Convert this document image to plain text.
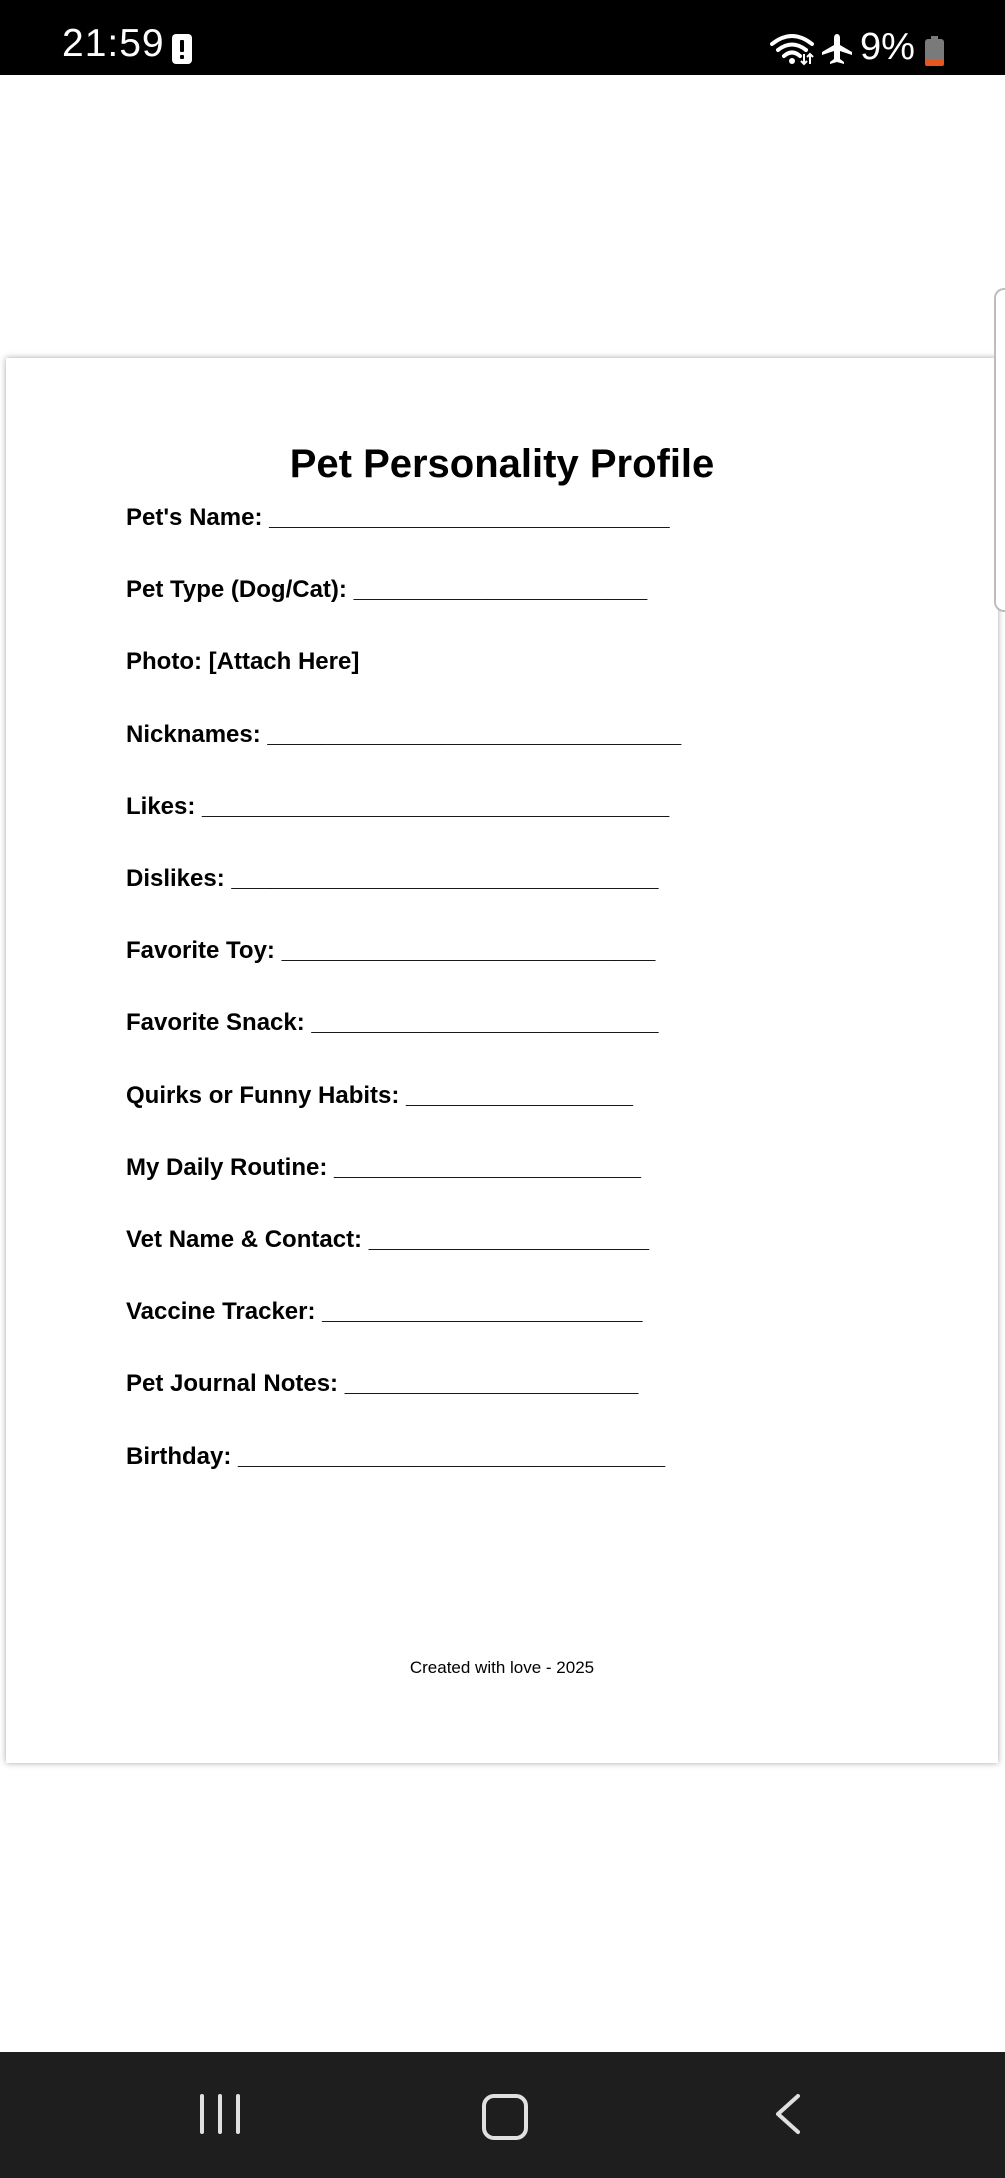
21:59	9%
Pet Personality Profile
Pet's Name: ______________________________
Pet Type (Dog/Cat): ______________________
Photo: [Attach Here]
Nicknames: _______________________________
Likes: ___________________________________
Dislikes: ________________________________
Favorite Toy: ____________________________
Favorite Snack: __________________________
Quirks or Funny Habits: _________________
My Daily Routine: _______________________
Vet Name & Contact: _____________________
Vaccine Tracker: ________________________
Pet Journal Notes: ______________________
Birthday: ________________________________
Created with love - 2025
